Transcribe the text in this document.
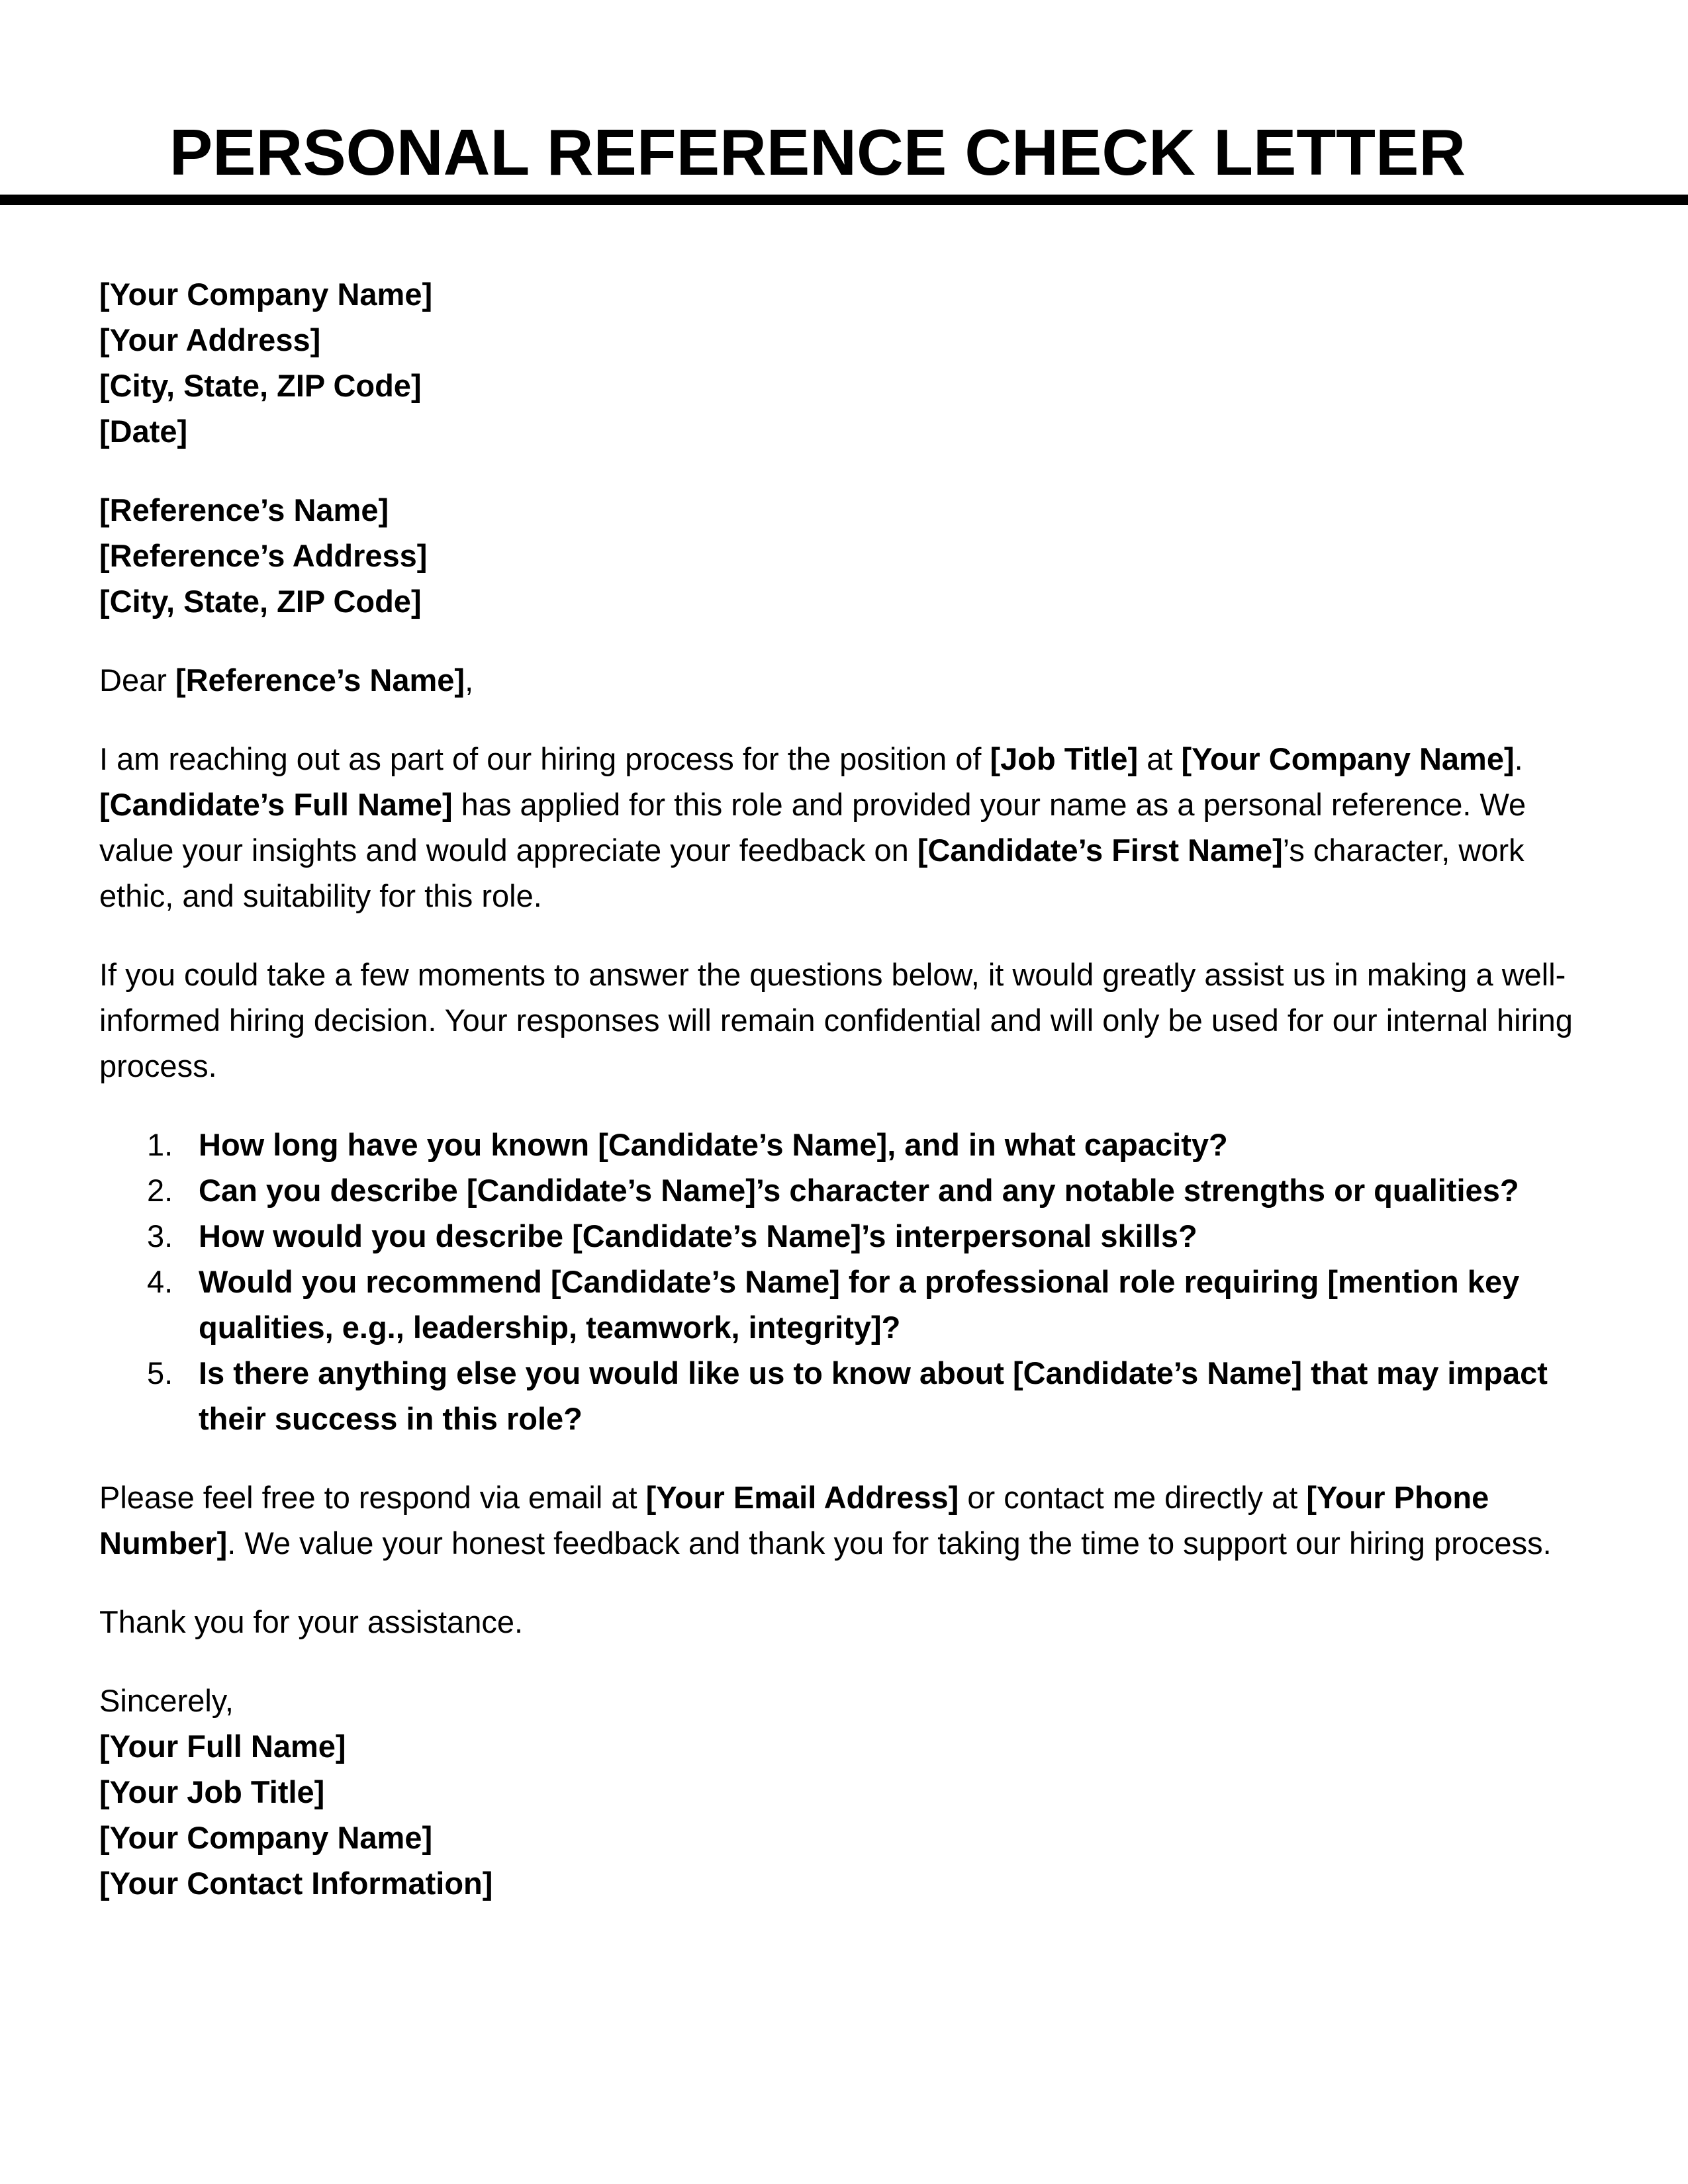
PERSONAL REFERENCE CHECK LETTER
[Your Company Name]
[Your Address]
[City, State, ZIP Code]
[Date]
[Reference’s Name]
[Reference’s Address]
[City, State, ZIP Code]

Dear [Reference’s Name],

I am reaching out as part of our hiring process for the position of [Job Title] at [Your Company Name]. [Candidate’s Full Name] has applied for this role and provided your name as a personal reference. We value your insights and would appreciate your feedback on [Candidate’s First Name]’s character, work ethic, and suitability for this role.

If you could take a few moments to answer the questions below, it would greatly assist us in making a well-informed hiring decision. Your responses will remain confidential and will only be used for our internal hiring process.

1. How long have you known [Candidate’s Name], and in what capacity?
2. Can you describe [Candidate’s Name]’s character and any notable strengths or qualities?
3. How would you describe [Candidate’s Name]’s interpersonal skills?
4. Would you recommend [Candidate’s Name] for a professional role requiring [mention key qualities, e.g., leadership, teamwork, integrity]?
5. Is there anything else you would like us to know about [Candidate’s Name] that may impact their success in this role?

Please feel free to respond via email at [Your Email Address] or contact me directly at [Your Phone Number]. We value your honest feedback and thank you for taking the time to support our hiring process.

Thank you for your assistance.

Sincerely,
[Your Full Name]
[Your Job Title]
[Your Company Name]
[Your Contact Information]
